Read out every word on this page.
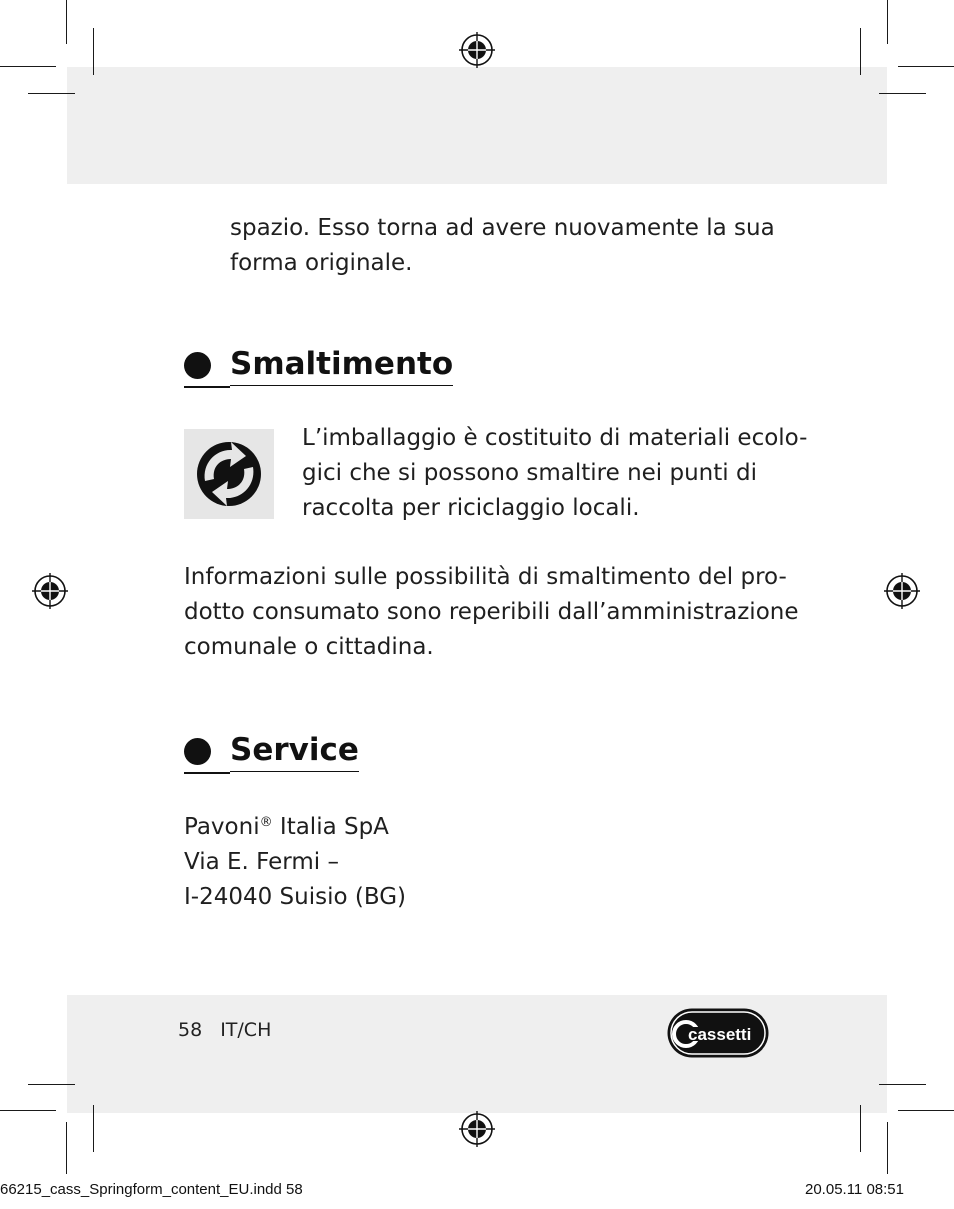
spazio. Esso torna ad avere nuovamente la sua
forma originale.

Smaltimento

L’imballaggio è costituito di materiali ecolo-
gici che si possono smaltire nei punti di
raccolta per riciclaggio locali.

Informazioni sulle possibilità di smaltimento del pro-
dotto consumato sono reperibili dall’amministrazione
comunale o cittadina.

Service
Pavoni® Italia SpA
Via E. Fermi –
I-24040 Suisio (BG)
58 IT/CH	cassetti
66215_cass_Springform_content_EU.indd 58	20.05.11 08:51
